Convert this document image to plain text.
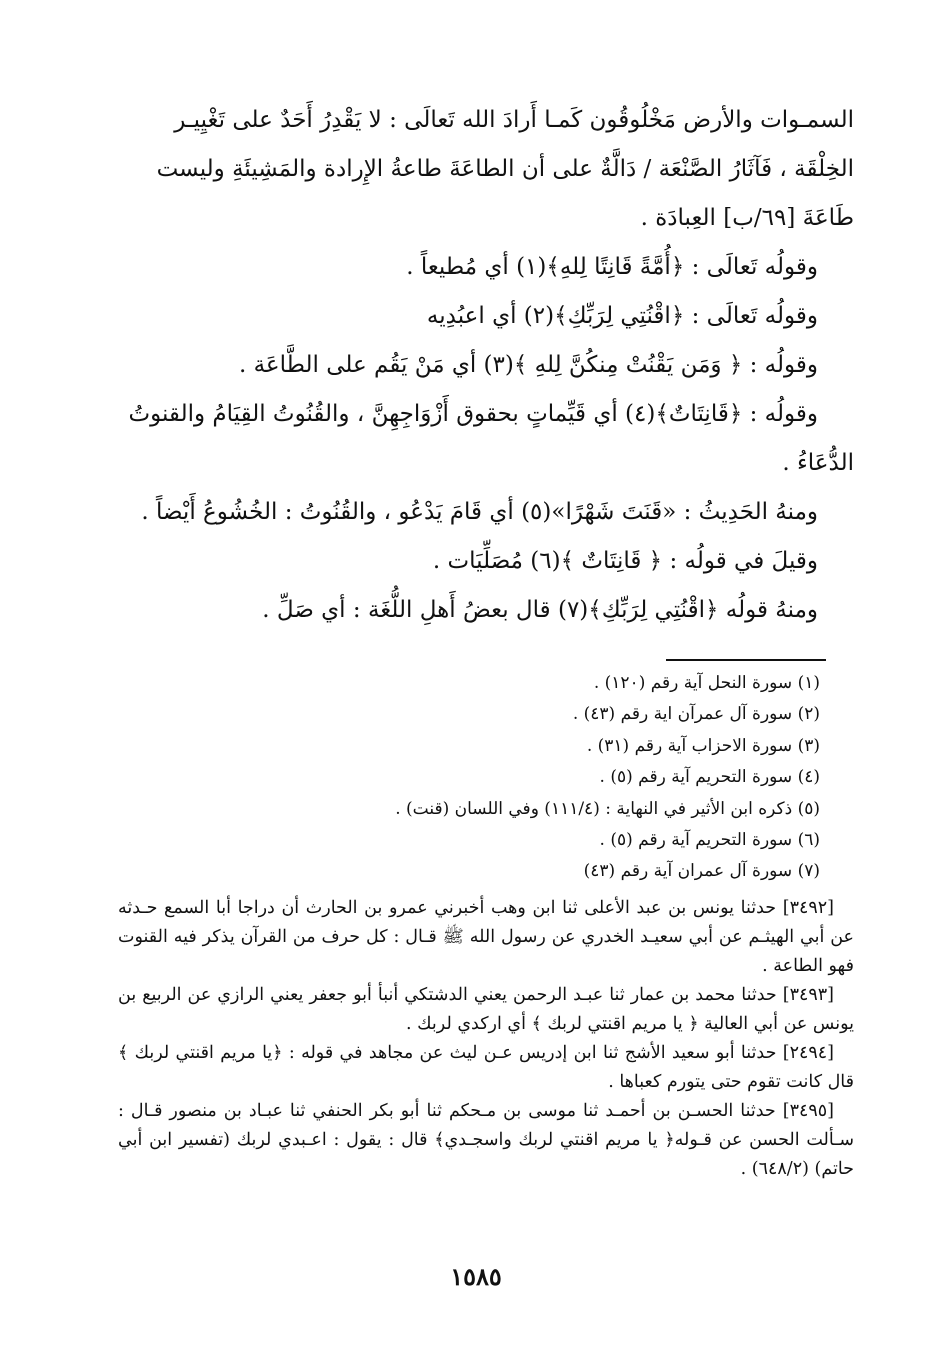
السمـوات والأرض مَخْلُوقُون كَمـا أَرادَ الله تَعالَى : لا يَقْدِرُ أَحَدٌ على تَغْيِيـر الخِلْقَة ، فَآثَارُ الصَّنْعَة / دَالَّةٌ على أن الطاعَةَ طاعةُ الإِرادة والمَشِيئَةِ وليست طَاعَةَ [٦٩/ب] العِبادَة .

وقولُه تَعالَى : ﴿أُمَّةً قَانِتًا لِلهِ﴾(١) أي مُطيعاً .

وقولُه تَعالَى : ﴿اقْنُتِي لِرَبِّكِ﴾(٢) أي اعبُدِيه

وقولُه : ﴿ وَمَن يَقْنُتْ مِنكُنَّ لِلهِ ﴾(٣) أي مَنْ يَقُم على الطَّاعَة .

وقولُه : ﴿قَانِتَاتٌ﴾(٤) أي قَيِّماتٍ بحقوق أَزْوَاجِهِنَّ ، والقُنُوتُ القِيَامُ والقنوتُ الدُّعَاءُ .

ومنهُ الحَدِيثُ : «قَنَتَ شَهْرًا»(٥) أي قَامَ يَدْعُو ، والقُنُوتُ : الخُشُوعُ أَيْضاً .

وقيلَ في قولُه : ﴿ قَانِتَاتٌ ﴾(٦) مُصَلِّيَات .

ومنهُ قولُه ﴿اقْنُتِي لِرَبِّكِ﴾(٧) قال بعضُ أَهلِ اللُّغَة : أي صَلِّ .

(١) سورة النحل آية رقم (١٢٠) .

(٢) سورة آل عمرآن اية رقم (٤٣) .

(٣) سورة الاحزاب آية رقم (٣١) .

(٤) سورة التحريم آية رقم (٥) .

(٥) ذكره ابن الأثير في النهاية : (١١١/٤) وفي اللسان (قنت) .

(٦) سورة التحريم آية رقم (٥) .

(٧) سورة آل عمران آية رقم (٤٣)

[٣٤٩٢] حدثنا يونس بن عبد الأعلى ثنا ابن وهب أخبرني عمرو بن الحارث أن دراجا أبا السمع حـدثه عن أبي الهيثـم عن أبي سعيـد الخدري عن رسول الله ﷺ قـال : كل حرف من القرآن يذكر فيه القنوت فهو الطاعة .

[٣٤٩٣] حدثنا محمد بن عمار ثنا عبـد الرحمن يعني الدشتكي أنبأ أبو جعفر يعني الرازي عن الربيع بن يونس عن أبي العالية ﴿ يا مريم اقنتي لربك ﴾ أي اركدي لربك .

[٢٤٩٤] حدثنا أبو سعيد الأشج ثنا ابن إدريس عـن ليث عن مجاهد في قوله : ﴿يا مريم اقنتي لربك ﴾ قال كانت تقوم حتى يتورم كعباها .

[٣٤٩٥] حدثنا الحسـن بن أحمـد ثنا موسى بن مـحكم ثنا أبو بكر الحنفي ثنا عبـاد بن منصور قـال : سـألت الحسن عن قـوله﴿ يا مريم اقنتي لربك واسجـدي﴾ قال : يقول : اعـبدي لربك (تفسير ابن أبي حاتم) (٦٤٨/٢) .

١٥٨٥
